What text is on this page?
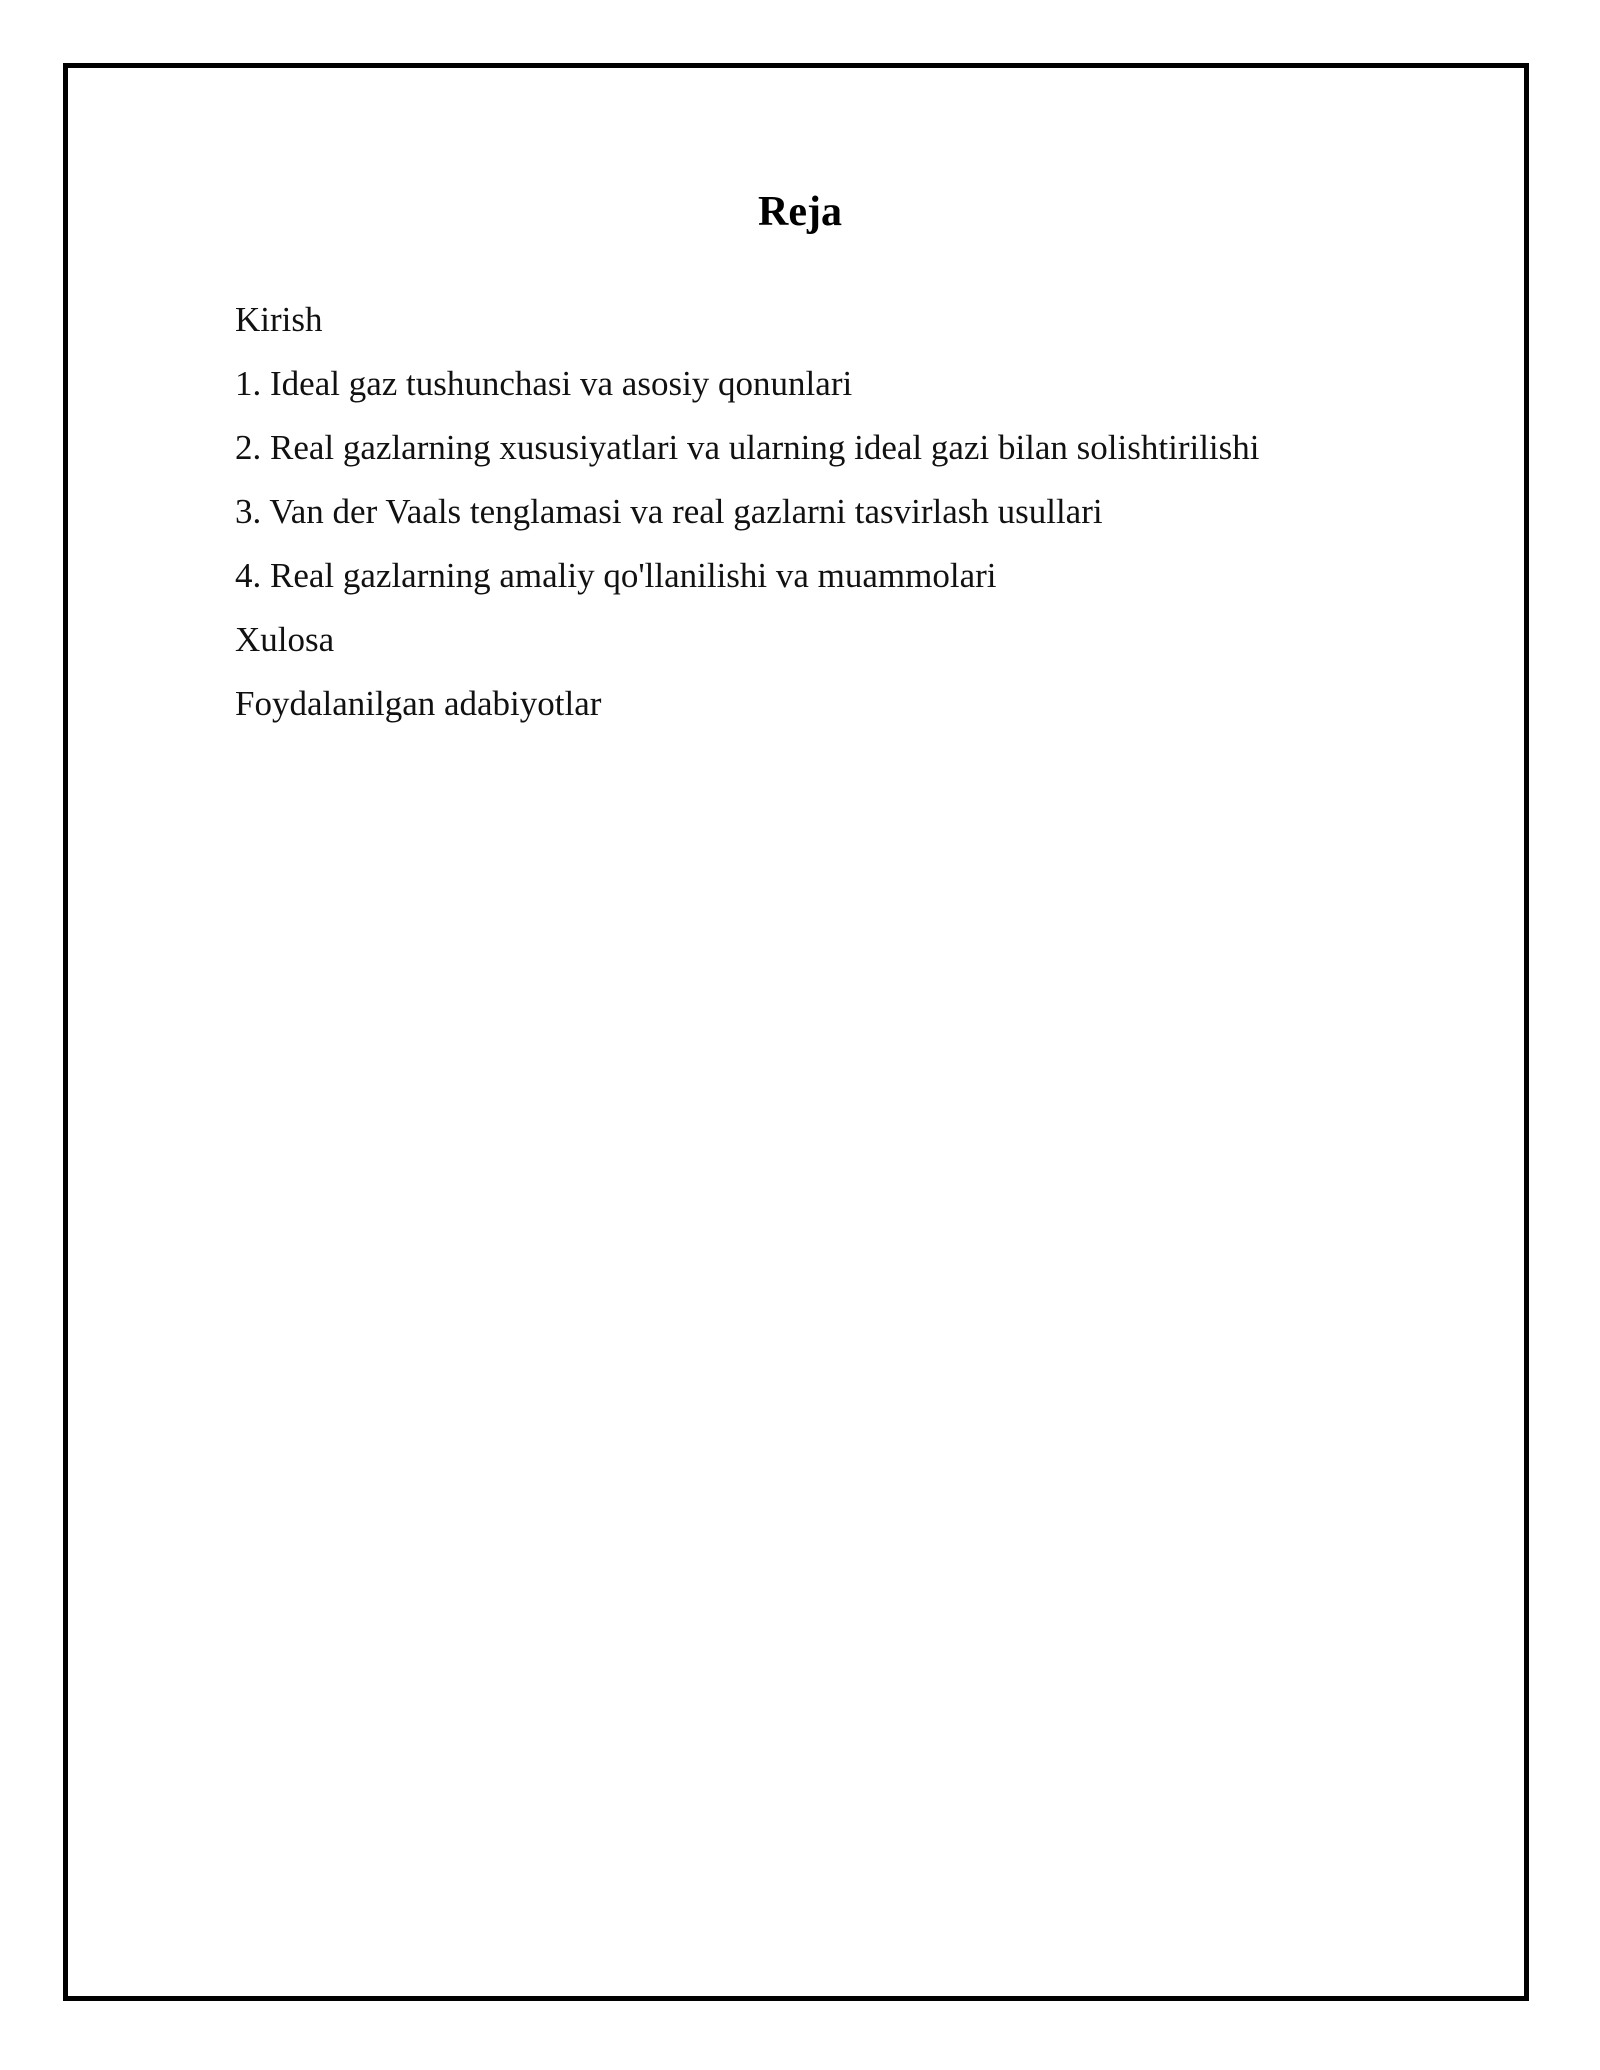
Reja
Kirish
1. Ideal gaz tushunchasi va asosiy qonunlari
2. Real gazlarning xususiyatlari va ularning ideal gazi bilan solishtirilishi
3. Van der Vaals tenglamasi va real gazlarni tasvirlash usullari
4. Real gazlarning amaliy qo'llanilishi va muammolari
Xulosa
Foydalanilgan adabiyotlar
